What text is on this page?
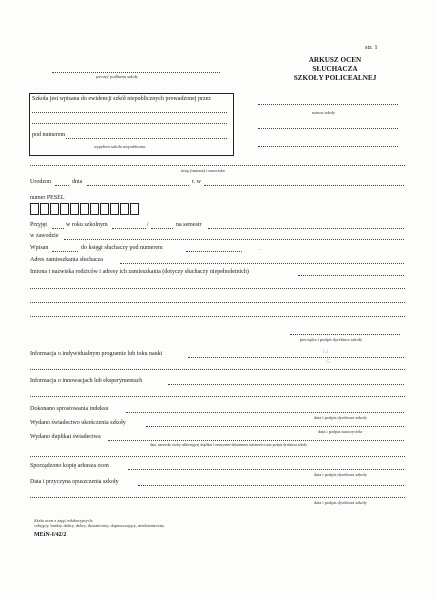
str. 1
pieczęć podłużna szkoły
ARKUSZ OCEN
SŁUCHACZA
SZKOŁY POLICEALNEJ
Szkoła jest wpisana do ewidencji szkół niepublicznych prowadzonej przez
pod numerem
wypełnia szkoła niepubliczna
nazwa szkoły
imię (imiona) i nazwisko
Urodzon	dnia	r. w
numer PESEL
Przyjęt	w roku szkolnym	/	na semestr
w zawodzie
Wpisan	do księgi słuchaczy pod numerem
Adres zamieszkania słuchacza
Imiona i nazwiska rodziców i adresy ich zamieszkania (dotyczy słuchaczy niepełnoletnich)
pieczątka i podpis dyrektora szkoły
Informacja o indywidualnym programie lub toku nauki
Informacja o innowacjach lub eksperymentach
Dokonano sprostowania indeksu
data i podpis dyrektora szkoły
Wydano świadectwo ukończenia szkoły
data i podpis nauczyciela
Wydano duplikat świadectwa
data, nazwisko osoby odbierającej duplikat i oznaczenie dokumentu tożsamości oraz podpis dyrektora szkoły
Sporządzono kopię arkusza ocen
data i podpis dyrektora szkoły
Data i przyczyna opuszczenia szkoły
data i podpis dyrektora szkoły
Skala ocen z zajęć edukacyjnych:
celujący, bardzo dobry, dobry, dostateczny, dopuszczający, niedostateczny.
MEiN-I/42/2
–
1.1
/5
